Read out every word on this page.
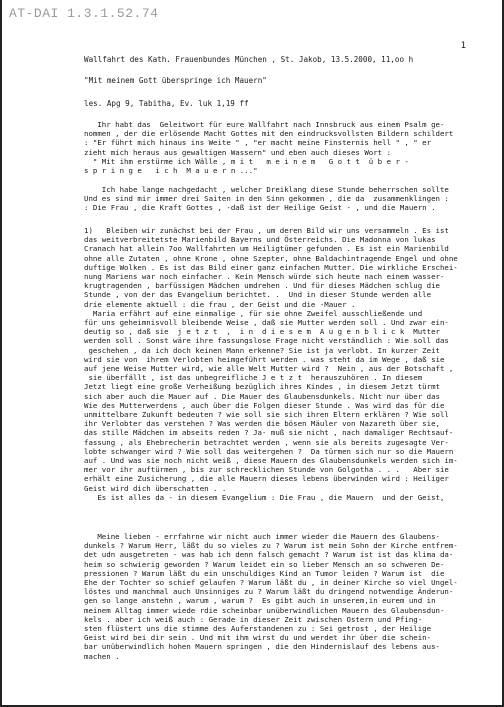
AT-DAI 1.3.1.52.74
1
Wallfahrt des Kath. Frauenbundes München , St. Jakob, 13.5.2000, 11,oo h
"Mit meinem Gott überspringe ich Mauern"
les. Apg 9, Tabitha, Ev. luk 1,19 ff
Ihr habt das  Geleitwort für eure Wallfahrt nach Innsbruck aus einem Psalm ge-
nommen , der die erlösende Macht Gottes mit den eindrucksvollsten Bildern schildert
: "Er führt mich hinaus ins Weite " , "er macht meine Finsternis hell " , " er
zieht mich heraus aus gewaltigen Wassern" und eben auch dieses Wort :
" Mit ihm erstürme ich Wälle , m i t   m e i n e m   G o t t  ü b e r -
s p r i n g e   i c h  M a u e r n ..."
Ich habe lange nachgedacht , welcher Dreiklang diese Stunde beherrschen sollte
Und es sind mir immer drei Saiten in den Sinn gekommen , die da  zusammenklingen :
: Die Frau , die Kraft Gottes , -daß ist der Heilige Geist - , und die Mauern .
1)   Bleiben wir zunächst bei der Frau , um deren Bild wir uns versammeln . Es ist
das weitverbreitetste Marienbild Bayerns und Österreichs. Die Madonna von lukas
Cranach hat allein 7oo Wallfahrten um Heiligtümer gefunden . Es ist ein Marienbild
ohne alle Zutaten , ohne Krone , ohne Szepter, ohne Baldachintragende Engel und ohne
duftige Wolken . Es ist das Bild einer ganz einfachen Mutter. Die wirkliche Erschei-
nung Mariens war noch einfacher . Kein Mensch würde sich heute nach einem wasser-
krugtragenden , barfüssigen Mädchen umdrehen . Und für dieses Mädchen schlug die
Stunde , von der das Evangelium berichtet. .  Und in dieser Stunde werden alle
drie elemente aktuell : die frau , der Geist und die -Mauer .
Maria erfährt auf eine einmalige , für sie ohne Zweifel ausschließende und
für uns geheimnisvoll bleibende Weise , daß sie Mutter werden soll . Und zwar ein-
deutig so , daß sie  j e t z t  ,  i n  d i e s e m  A u g e n b l i c k  Mutter
werden soll . Sonst wäre ihre fassungslose Frage nicht verständlich : Wie soll das
geschehen , da ich doch keinen Mann erkenne? Sie ist ja verlobt. In kurzer Zeit
wird sie von  ihrem Verlobten heimgeführt werden . was steht da im Wege , daß sie
auf jene Weise Mutter wird, wie alle Welt Mutter wird ?  Nein , aus der Botschaft ,
sie überfällt , ist das unbegreifliche J e t z t  herauszuhören . In diesem
Jetzt liegt eine große Verheißung bezüglich ihres Kindes , in diesem Jetzt türmt
sich aber auch die Mauer auf . Die Mauer des Glaubensdunkels. Nicht nur über das
Wie des Mutterwerdens , auch über die Folgen dieser Stunde . Was wird das für die
unmittelbare Zukunft bedeuten ? wie soll sie sich ihren Eltern erklären ? Wie soll
ihr Verlobter das verstehen ? Was werden die bösen Mäuler von Nazareth über sie,
das stille Mädchen im abseits reden ? Ja- muß sie nicht , nach damaliger Rechtsauf-
fassung , als Ehebrecherin betrachtet werden , wenn sie als bereits zugesagte Ver-
lobte schwanger wird ? Wie soll das weitergehen ?  Da türmen sich nur so die Mauern
auf . Und was sie noch nicht weiß , diese Mauern des Glaubensdunkels werden sich im-
mer vor ihr auftürmen , bis zur schrecklichen Stunde von Golgotha . . .   Aber sie
erhält eine Zusicherung , die alle Mauern dieses lebens überwinden wird : Heiliger
Geist wird dich überschatten . .
Es ist alles da - in diesem Evangelium : Die Frau , die Mauern  und der Geist,
Meine lieben - errfahrne wir nicht auch immer wieder die Mauern des Glaubens-
dunkels ? Warum Herr, läßt du so vieles zu ? Warum ist mein Sohn der Kirche entfrem-
det udn ausgetreten - was hab ich denn falsch gemacht ? Warum ist ist das klima da-
heim so schwierig geworden ? Warum leidet ein so lieber Mensch an so schweren De-
pressionen ? Warum läßt du ein unschuldiges Kind an Tumor leiden ? Warum ist  die
Ehe der Tochter so schief gelaufen ? Warum läßt du , in deiner Kirche so viel Ungel-
löstes und manchmal auch Unsinniges zu ? Warum läßt du dringend notwendige Änderun-
gen so lange anstehn , warum , warum ?  Es gibt auch in unserem,in eurem und in
meinem Alltag immer wiede rdie scheinbar unüberwindlichen Mauern des Glaubensdun-
kels . aber ich weiß auch : Gerade in dieser Zeit zwischen Ostern und Pfing-
sten flüstert uns die stimme des Auferstandenen zu : Sei getrost , der Heilige
Geist wird bei dir sein . Und mit ihm wirst du und werdet ihr über die schein-
bar unüberwindlich hohen Mauern springen , die den Hindernislauf des lebens aus-
machen .
